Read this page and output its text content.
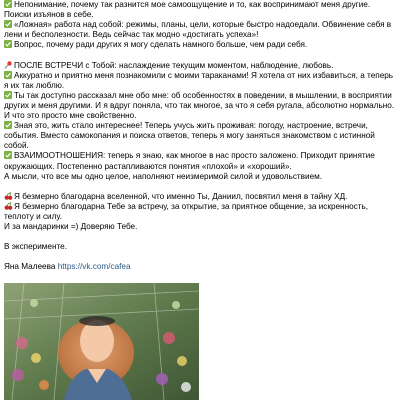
Непонимание, почему так разнится мое самоощущение и то, как воспринимают меня другие. Поиски изъянов в себе.

«Ложная» работа над собой: режимы, планы, цели, которые быстро надоедали. Обвинение себя в лени и бесполезности. Ведь сейчас так модно «достигать успеха»!

Вопрос, почему ради других я могу сделать намного больше, чем ради себя.

ПОСЛЕ ВСТРЕЧИ с Тобой: наслаждение текущим моментом, наблюдение, любовь.

Аккуратно и приятно меня познакомили с моими тараканами! Я хотела от них избавиться, а теперь я их так люблю.

Ты так доступно рассказал мне обо мне: об особенностях в поведении, в мышлении, в восприятии других и меня другими. И я вдруг поняла, что так многое, за что я себя ругала, абсолютно нормально. И что это просто мне свойственно.

Зная это, жить стало интереснее! Теперь учусь жить проживая: погоду, настроение, встречи, события. Вместо самокопания и поиска ответов, теперь я могу заняться знакомством с истинной собой.

ВЗАИМООТНОШЕНИЯ: теперь я знаю, как многое в нас просто заложено. Приходит принятие окружающих. Постепенно растапливаются понятия «плохой» и «хороший».

А мысли, что все мы одно целое, наполняют неизмеримой силой и удовольствием.

Я безмерно благодарна вселенной, что именно Ты, Даниил, посвятил меня в тайну ХД.

Я безмерно благодарна Тебе за встречу, за открытие, за приятное общение, за искренность, теплоту и силу.

И за мандаринки =) Доверяю Тебе.

В эксперименте.

Яна Малеева https://vk.com/cafea
